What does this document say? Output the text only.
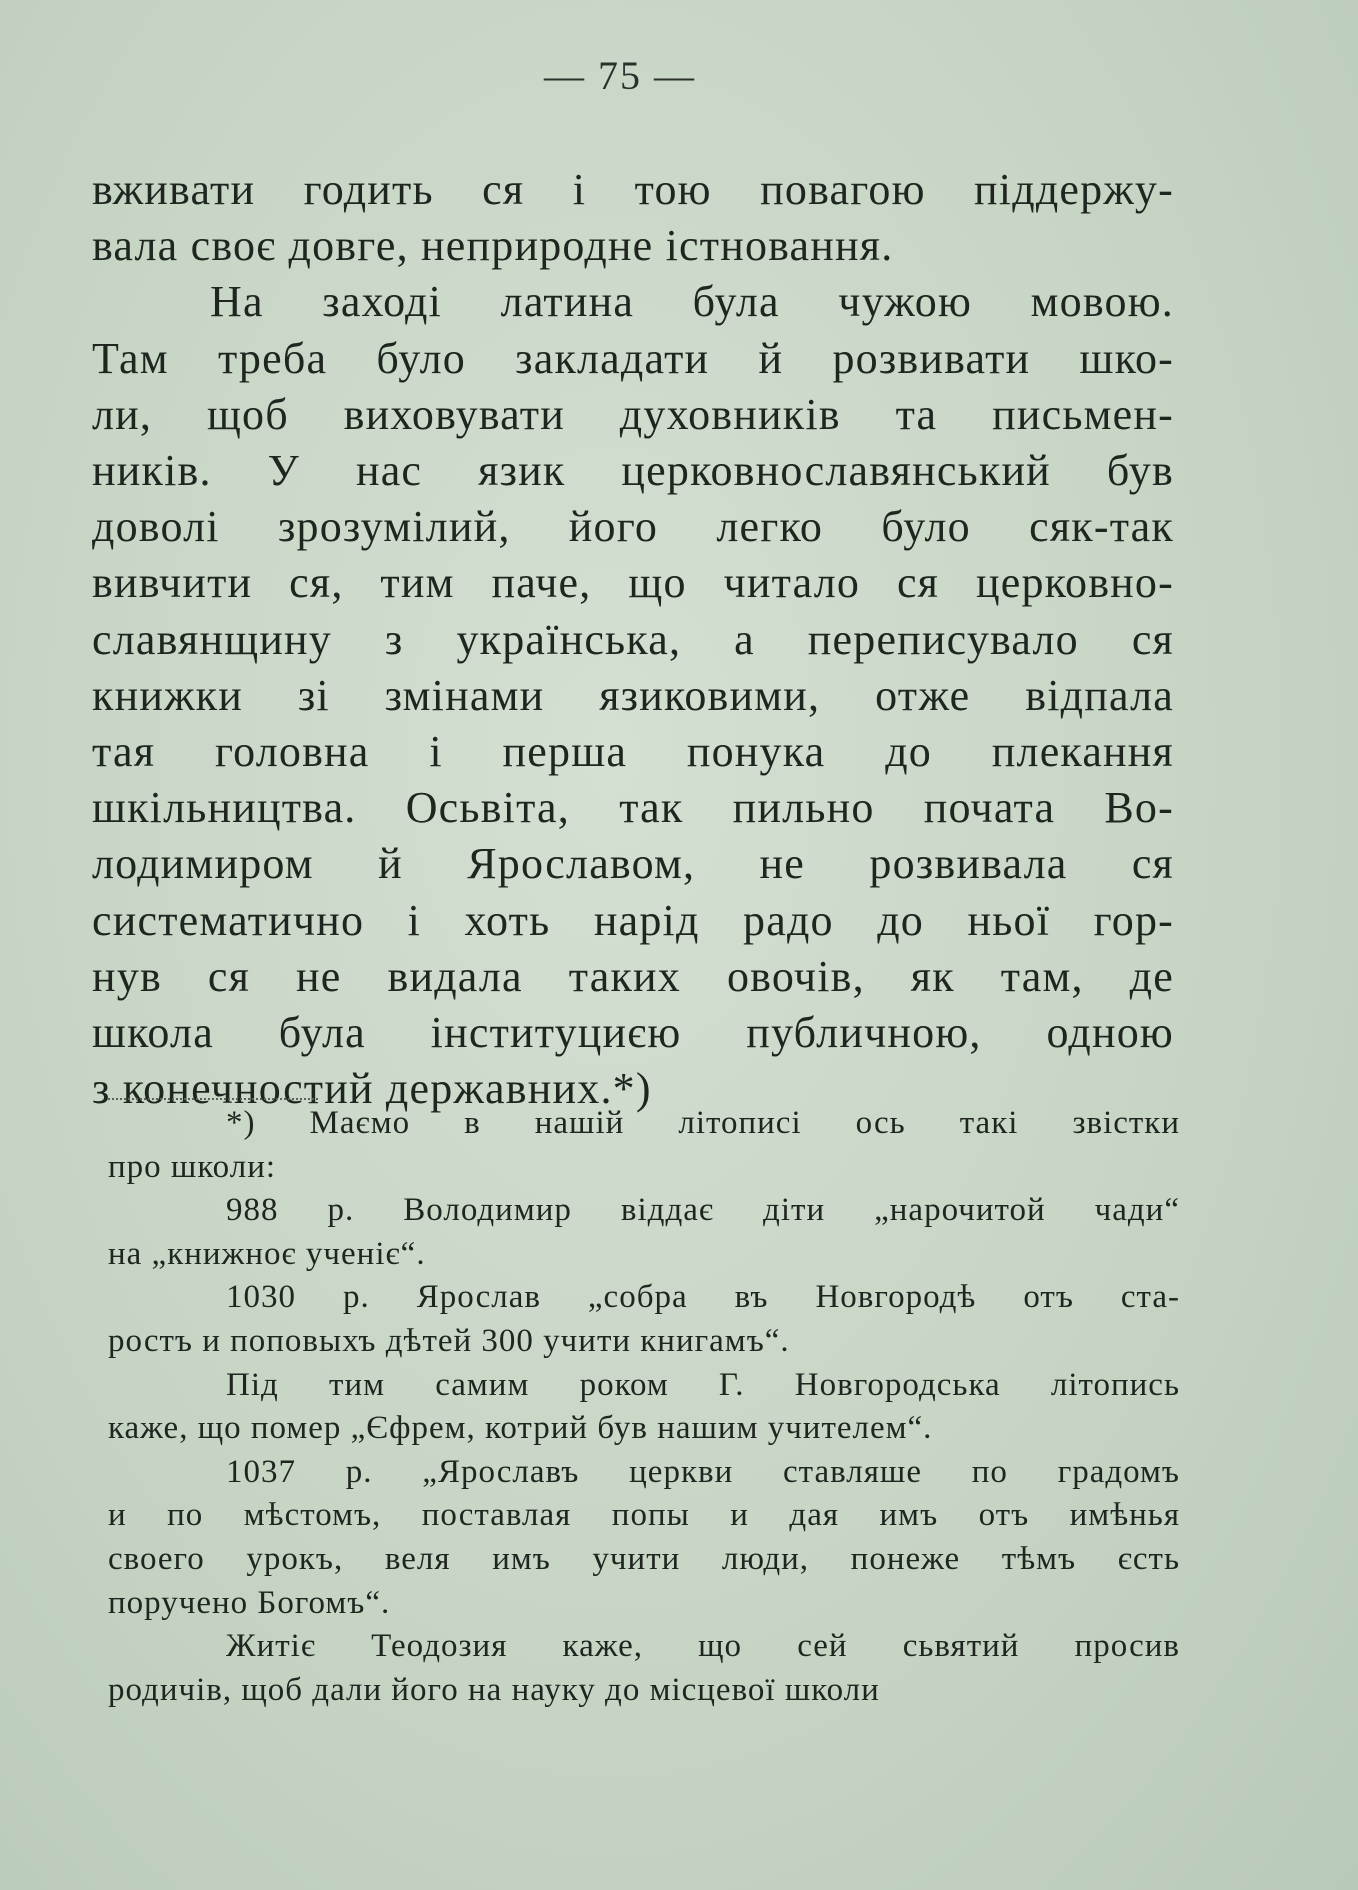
— 75 —
вживати годить ся і тою повагою піддержу-
вала своє довге, неприродне істновання.
На заході латина була чужою мовою.
Там треба було закладати й розвивати шко-
ли, щоб виховувати духовників та письмен-
ників. У нас язик церковнославянський був
доволі зрозумілий, його легко було сяк-так
вивчити ся, тим паче, що читало ся церковно-
славянщину з українська, а переписувало ся
книжки зі змінами язиковими, отже відпала
тая головна і перша понука до плекання
шкільництва. Осьвіта, так пильно почата Во-
лодимиром й Ярославом, не розвивала ся
систематично і хоть нарід радо до ньої гор-
нув ся не видала таких овочів, як там, де
школа була інституциєю публичною, одною
з конечностий державних.*)
*) Маємо в нашій літописі ось такі звістки
про школи:
988 р. Володимир віддає діти „нарочитой чади“
на „книжноє ученіє“.
1030 р. Ярослав „собра въ Новгородѣ отъ ста-
ростъ и поповыхъ дѣтей 300 учити книгамъ“.
Під тим самим роком Г. Новгородська літопись
каже, що помер „Єфрем, котрий був нашим учителем“.
1037 р. „Ярославъ церкви ставляше по градомъ
и по мѣстомъ, поставлая попы и дая имъ отъ имѣнья
своего урокъ, веля имъ учити люди, понеже тѣмъ єсть
поручено Богомъ“.
Житіє Теодозия каже, що сей сьвятий просив
родичів, щоб дали його на науку до місцевої школи
